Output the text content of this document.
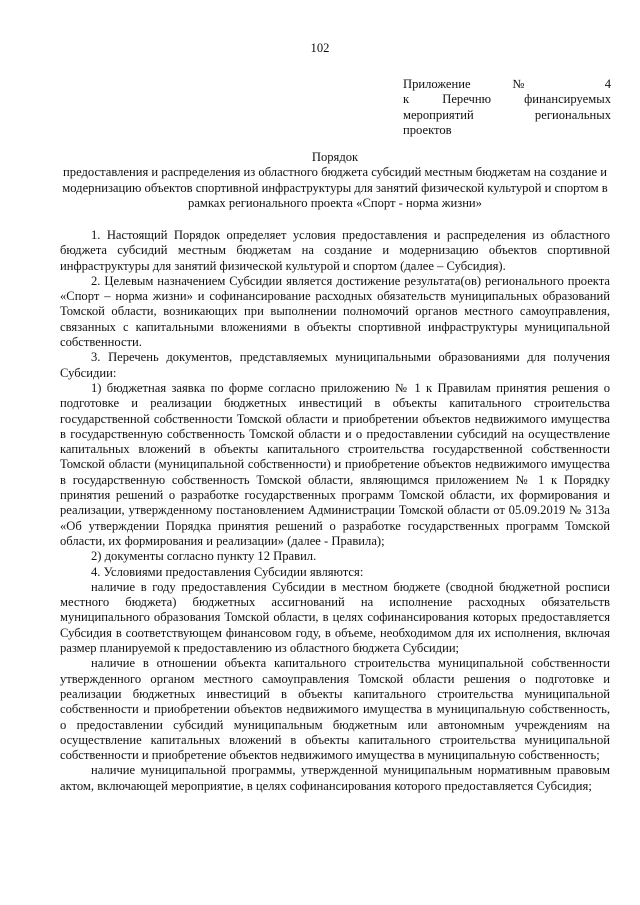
102
Приложение № 4
к Перечню финансируемых
мероприятий региональных
проектов
Порядок
предоставления и распределения из областного бюджета субсидий местным бюджетам на создание и модернизацию объектов спортивной инфраструктуры для занятий физической культурой и спортом в рамках регионального проекта «Спорт - норма жизни»

1. Настоящий Порядок определяет условия предоставления и распределения из областного бюджета субсидий местным бюджетам на создание и модернизацию объектов спортивной инфраструктуры для занятий физической культурой и спортом (далее – Субсидия).

2. Целевым назначением Субсидии является достижение результата(ов) регионального проекта «Спорт – норма жизни» и софинансирование расходных обязательств муниципальных образований Томской области, возникающих при выполнении полномочий органов местного самоуправления, связанных с капитальными вложениями в объекты спортивной инфраструктуры муниципальной собственности.

3. Перечень документов, представляемых муниципальными образованиями для получения Субсидии:

1) бюджетная заявка по форме согласно приложению № 1 к Правилам принятия решения о подготовке и реализации бюджетных инвестиций в объекты капитального строительства государственной собственности Томской области и приобретении объектов недвижимого имущества в государственную собственность Томской области и о предоставлении субсидий на осуществление капитальных вложений в объекты капитального строительства государственной собственности Томской области (муниципальной собственности) и приобретение объектов недвижимого имущества в государственную собственность Томской области, являющимся приложением № 1 к Порядку принятия решений о разработке государственных программ Томской области, их формирования и реализации, утвержденному постановлением Администрации Томской области от 05.09.2019 № 313а «Об утверждении Порядка принятия решений о разработке государственных программ Томской области, их формирования и реализации» (далее - Правила);

2) документы согласно пункту 12 Правил.

4. Условиями предоставления Субсидии являются:

наличие в году предоставления Субсидии в местном бюджете (сводной бюджетной росписи местного бюджета) бюджетных ассигнований на исполнение расходных обязательств муниципального образования Томской области, в целях софинансирования которых предоставляется Субсидия в соответствующем финансовом году, в объеме, необходимом для их исполнения, включая размер планируемой к предоставлению из областного бюджета Субсидии;

наличие в отношении объекта капитального строительства муниципальной собственности утвержденного органом местного самоуправления Томской области решения о подготовке и реализации бюджетных инвестиций в объекты капитального строительства муниципальной собственности и приобретении объектов недвижимого имущества в муниципальную собственность, о предоставлении субсидий муниципальным бюджетным или автономным учреждениям на осуществление капитальных вложений в объекты капитального строительства муниципальной собственности и приобретение объектов недвижимого имущества в муниципальную собственность;

наличие муниципальной программы, утвержденной муниципальным нормативным правовым актом, включающей мероприятие, в целях софинансирования которого предоставляется Субсидия;
